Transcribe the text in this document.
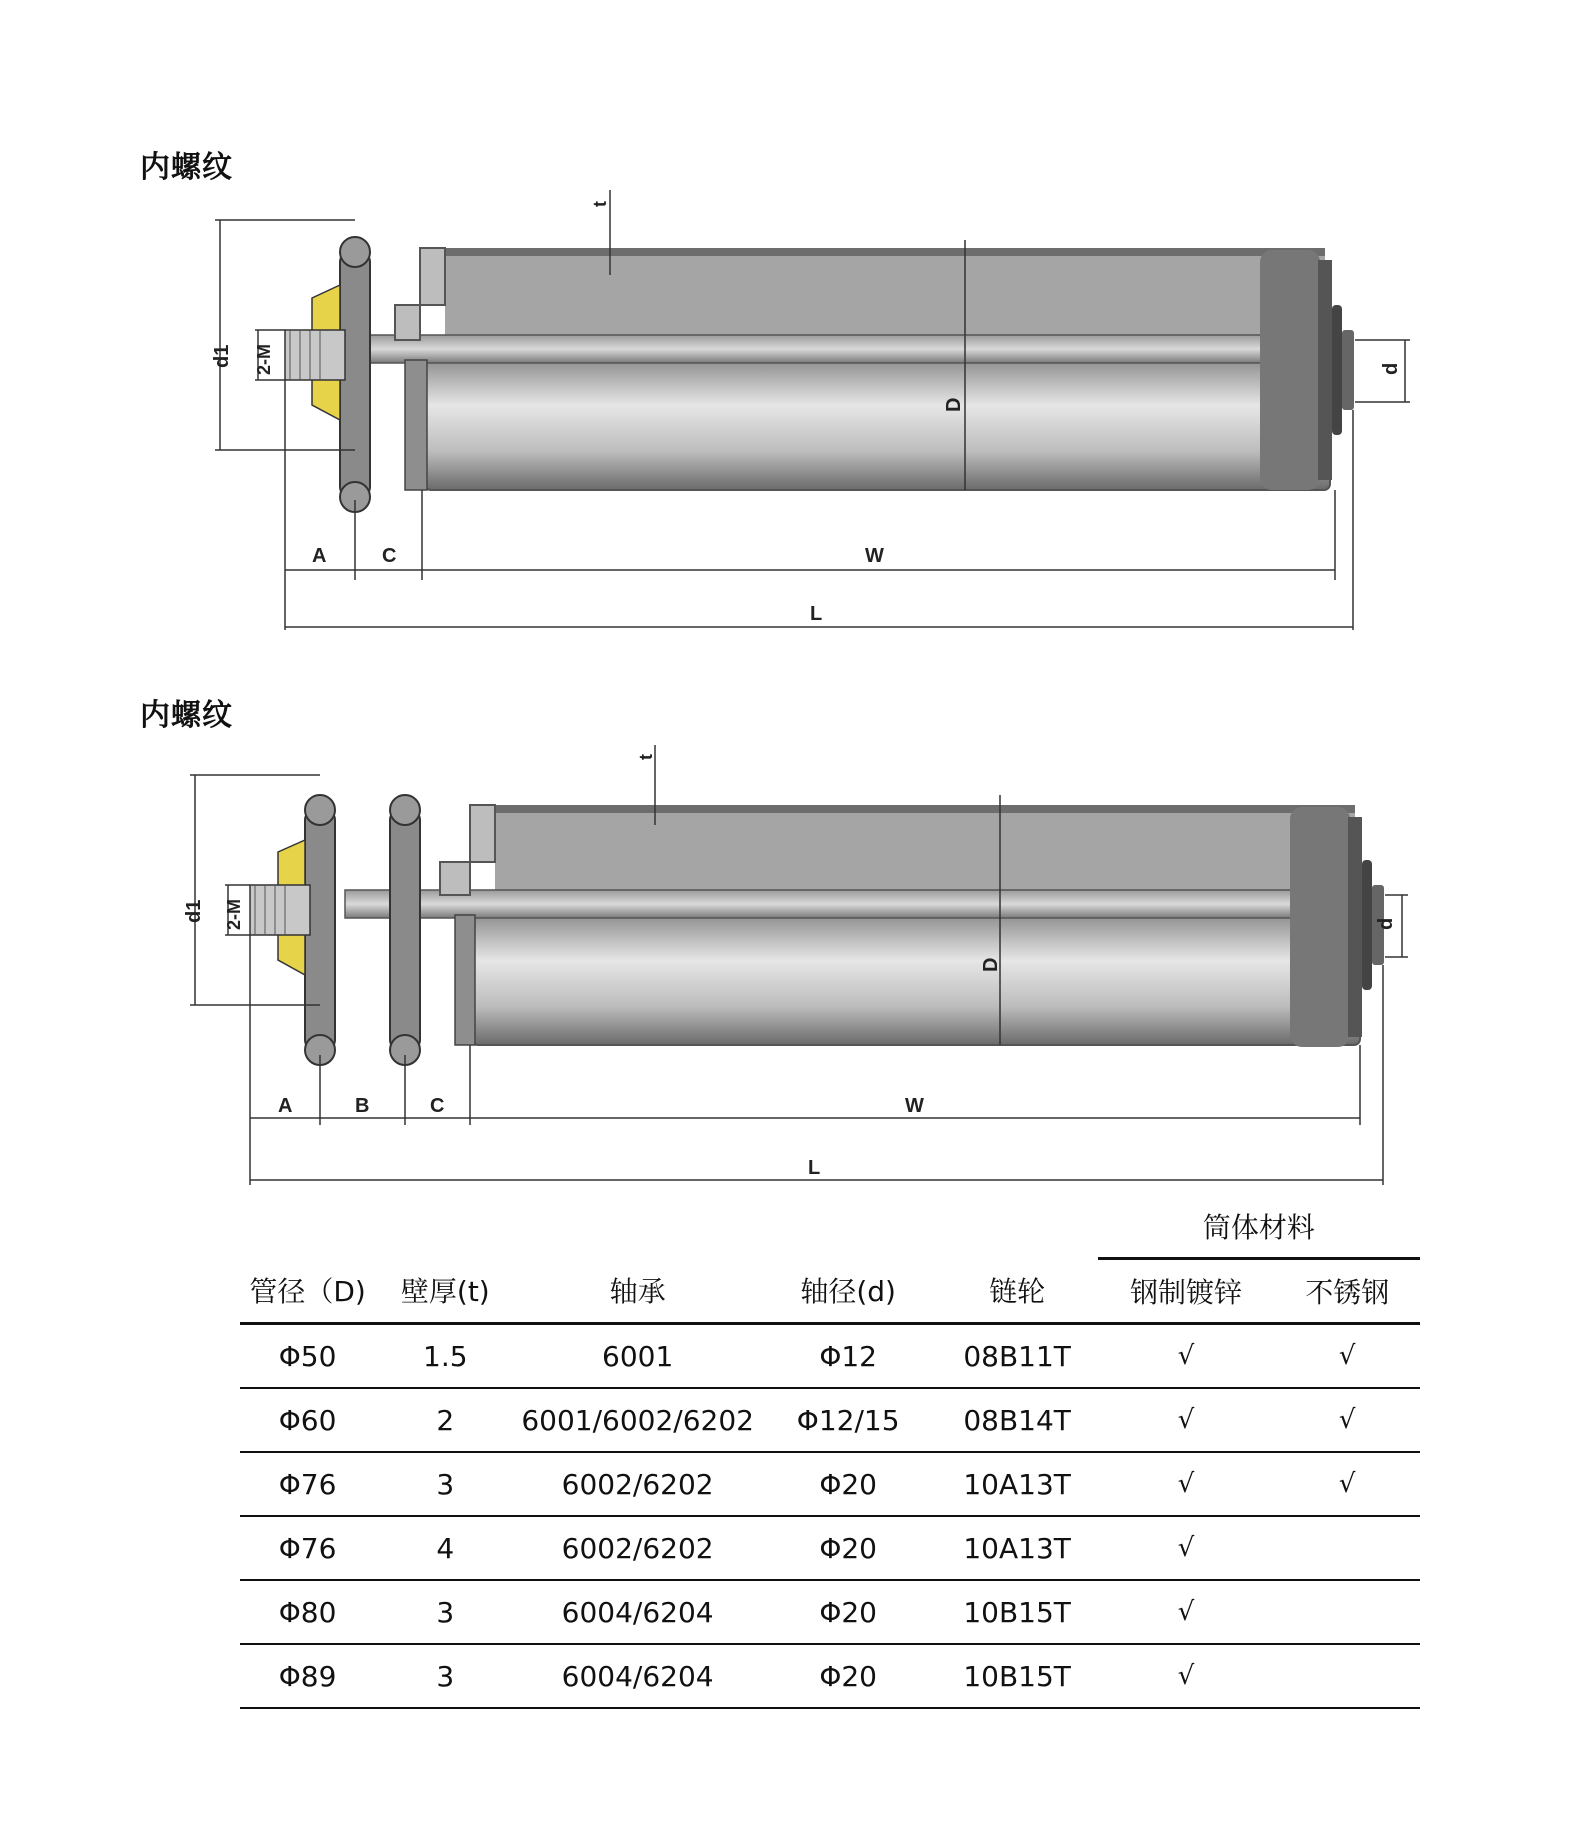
内螺纹
t
d1 2-M
D
d
A	C	W
L
内螺纹
t
d1 2-M
D
d
A	B	C	W
L
					筒体材料	
管径（D)	壁厚(t)	轴承	轴径(d)	链轮	钢制镀锌	不锈钢
Φ50	1.5	6001	Φ12	08B11T	√	√
Φ60	2	6001/6002/6202	Φ12/15	08B14T	√	√
Φ76	3	6002/6202	Φ20	10A13T	√	√
Φ76	4	6002/6202	Φ20	10A13T	√	
Φ80	3	6004/6204	Φ20	10B15T	√	
Φ89	3	6004/6204	Φ20	10B15T	√	
